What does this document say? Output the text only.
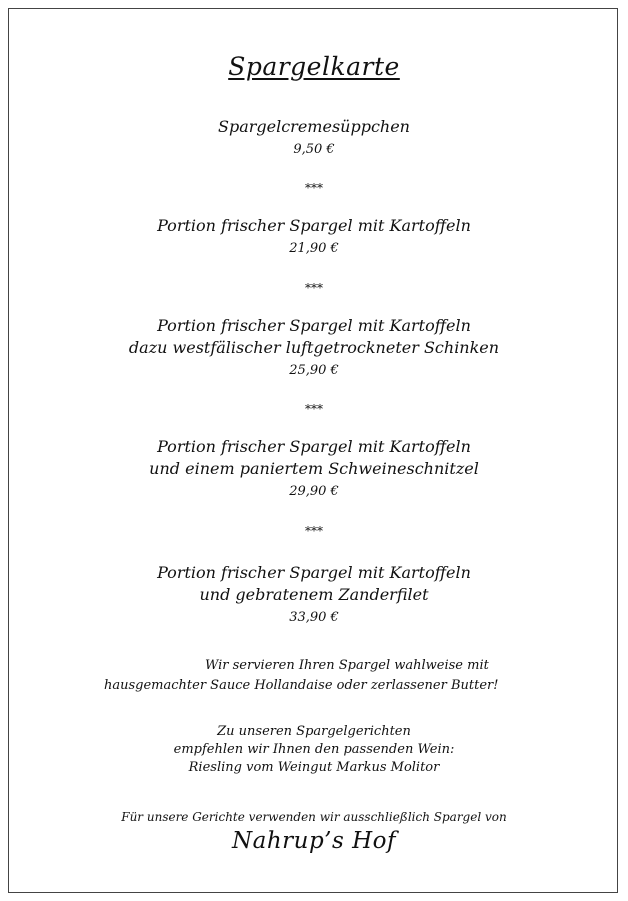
Spargelkarte
Spargelcremesüppchen
9,50 €
***
Portion frischer Spargel mit Kartoffeln
21,90 €
***
Portion frischer Spargel mit Kartoffeln
dazu westfälischer luftgetrockneter Schinken
25,90 €
***
Portion frischer Spargel mit Kartoffeln
und einem paniertem Schweineschnitzel
29,90 €
***
Portion frischer Spargel mit Kartoffeln
und gebratenem Zanderfilet
33,90 €
Wir servieren Ihren Spargel wahlweise mit
hausgemachter Sauce Hollandaise oder zerlassener Butter!
Zu unseren Spargelgerichten
empfehlen wir Ihnen den passenden Wein:
Riesling vom Weingut Markus Molitor
Für unsere Gerichte verwenden wir ausschließlich Spargel von
Nahrup’s Hof
